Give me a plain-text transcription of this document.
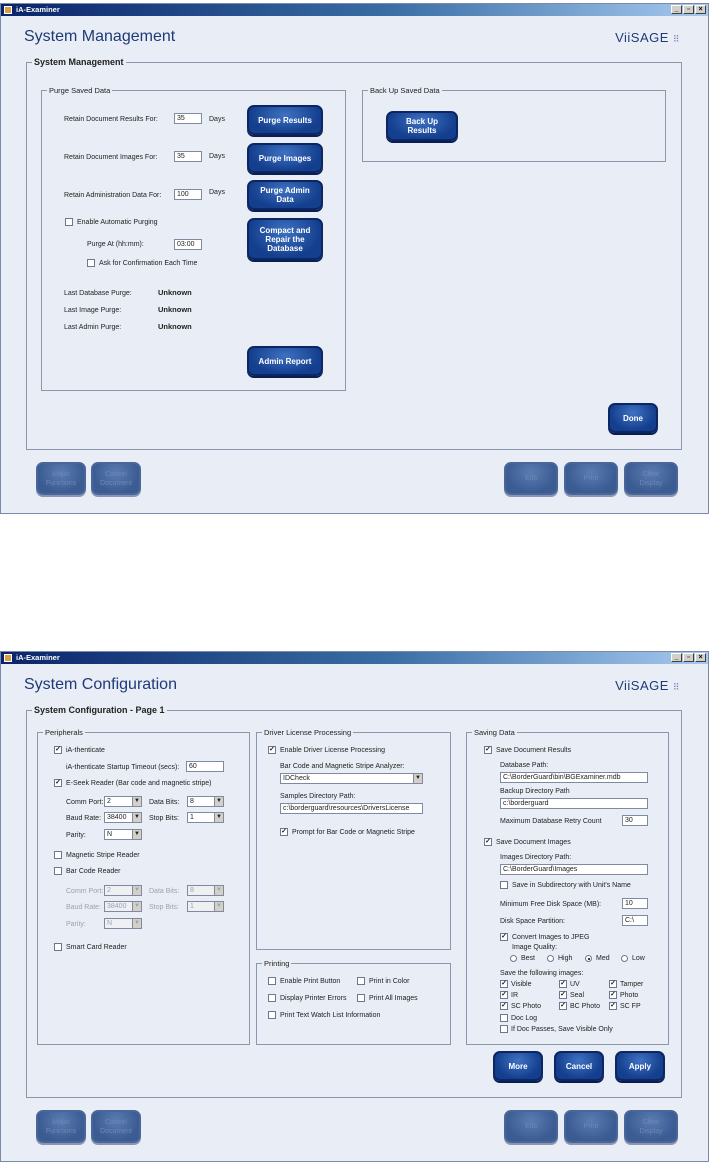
iA-Examiner	_	▫	×
System Management	ViiSAGE ⠿
System Management
Purge Saved Data
Retain Document Results For:	35	Days
Retain Document Images For:	35	Days
Retain Administration Data For:	100	Days
Enable Automatic Purging
Purge At (hh:mm):	03:00
Ask for Confirmation Each Time
Last Database Purge:	Unknown
Last Image Purge:	Unknown
Last Admin Purge:	Unknown
Purge Results
Purge Images
Purge Admin
Data
Compact and
Repair the
Database
Admin Report
Back Up Saved Data
Back Up
Results
Done
Major
Functions
Cancel
Document
Edit	Print
Clear
Display
iA-Examiner	_	▫	×
System Configuration	ViiSAGE ⠿
System Configuration - Page 1
Peripherals
✓ iA-thenticate
iA-thenticate Startup Timeout (secs):	60
✓ E-Seek Reader (Bar code and magnetic stripe)
Comm Port: 2	▼ Data Bits:	8	▼
Baud Rate: 38400	▼ Stop Bits:	1	▼
Parity:	N	▼
Magnetic Stripe Reader
Bar Code Reader
Comm Port: 2	▼ Data Bits:	8	▼
Baud Rate: 38400	▼ Stop Bits:	1	▼
Parity:	N	▼
Smart Card Reader
Driver License Processing
✓ Enable Driver License Processing
Bar Code and Magnetic Stripe Analyzer:
IDCheck	▼
Samples Directory Path:
c:\borderguard\resources\DriversLicense
✓ Prompt for Bar Code or Magnetic Stripe
Printing
Enable Print Button	Print in Color
Display Printer Errors	Print All Images
Print Text Watch List Information
Saving Data
✓ Save Document Results
Database Path:
C:\BorderGuard\bin\BGExaminer.mdb
Backup Directory Path
c:\borderguard
Maximum Database Retry Count	30
✓ Save Document Images
Images Directory Path:
C:\BorderGuard\Images
Save in Subdirectory with Unit's Name
Minimum Free Disk Space (MB):	10
Disk Space Partition:	C:\
✓ Convert Images to JPEG
Image Quality:
Best	High	Med	Low
Save the following images:
✓ Visible	✓ UV	✓ Tamper
✓ IR	✓ Seal	✓ Photo
✓ SC Photo	✓ BC Photo ✓ SC FP
Doc Log
If Doc Passes, Save Visible Only
More	Cancel	Apply
Major
Functions
Cancel
Document
Edit	Print
Clear
Display
